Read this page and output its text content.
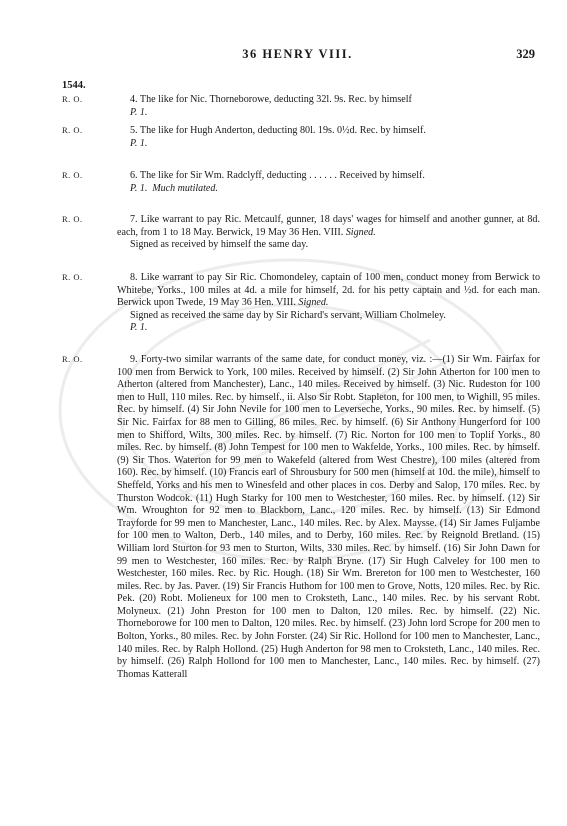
36 HENRY VIII.	329
1544.
R. O.	4. The like for Nic. Thorneborowe, deducting 32l. 9s. Rec. by himself

P. 1.
R. O.	5. The like for Hugh Anderton, deducting 80l. 19s. 0½d. Rec. by himself.

P. 1.
R. O.	6. The like for Sir Wm. Radclyff, deducting . . . . . . Received by himself.

P. 1. Much mutilated.
R. O.	7. Like warrant to pay Ric. Metcaulf, gunner, 18 days' wages for himself and another gunner, at 8d. each, from 1 to 18 May. Berwick, 19 May 36 Hen. VIII. Signed.

Signed as received by himself the same day.

R. O.	8. Like warrant to pay Sir Ric. Chomondeley, captain of 100 men, conduct money from Berwick to Whitebe, Yorks., 100 miles at 4d. a mile for himself, 2d. for his petty captain and ½d. for each man. Berwick upon Twede, 19 May 36 Hen. VIII. Signed.

Signed as received the same day by Sir Richard's servant, William Cholmeley.

P. 1.
R. O.	9. Forty-two similar warrants of the same date, for conduct money, viz. :—(1) Sir Wm. Fairfax for 100 men from Berwick to York, 100 miles. Received by himself. (2) Sir John Atherton for 100 men to Atherton (altered from Manchester), Lanc., 140 miles. Received by himself. (3) Nic. Rudeston for 100 men to Hull, 110 miles. Rec. by himself., ii. Also Sir Robt. Stapleton, for 100 men, to Wighill, 95 miles. Rec. by himself. (4) Sir John Nevile for 100 men to Leverseche, Yorks., 90 miles. Rec. by himself. (5) Sir Nic. Fairfax for 88 men to Gilling, 86 miles. Rec. by himself. (6) Sir Anthony Hungerford for 100 men to Shifford, Wilts, 300 miles. Rec. by himself. (7) Ric. Norton for 100 men to Toplif Yorks., 80 miles. Rec. by himself. (8) John Tempest for 100 men to Wakfelde, Yorks., 100 miles. Rec. by himself. (9) Sir Thos. Waterton for 99 men to Wakefeld (altered from West Chestre), 100 miles (altered from 160). Rec. by himself. (10) Francis earl of Shrousbury for 500 men (himself at 10d. the mile), himself to Sheffeld, Yorks and his men to Winesfeld and other places in cos. Derby and Salop, 170 miles. Rec. by Thurston Wodcok. (11) Hugh Starky for 100 men to Westchester, 160 miles. Rec. by himself. (12) Sir Wm. Wroughton for 92 men to Blackborn, Lanc., 120 miles. Rec. by himself. (13) Sir Edmond Trayforde for 99 men to Manchester, Lanc., 140 miles. Rec. by Alex. Maysse. (14) Sir James Fuljambe for 100 men to Walton, Derb., 140 miles, and to Derby, 160 miles. Rec. by Reignold Bretland. (15) William lord Sturton for 93 men to Sturton, Wilts, 330 miles. Rec. by himself. (16) Sir John Dawn for 99 men to Westchester, 160 miles. Rec. by Ralph Bryne. (17) Sir Hugh Calveley for 100 men to Westchester, 160 miles. Rec. by Ric. Hough. (18) Sir Wm. Brereton for 100 men to Westchester, 160 miles. Rec. by Jas. Paver. (19) Sir Francis Huthom for 100 men to Grove, Notts, 120 miles. Rec. by Ric. Pek. (20) Robt. Molieneux for 100 men to Croksteth, Lanc., 140 miles. Rec. by his servant Robt. Molyneux. (21) John Preston for 100 men to Dalton, 120 miles. Rec. by himself. (22) Nic. Thorneborowe for 100 men to Dalton, 120 miles. Rec. by himself. (23) John lord Scrope for 200 men to Bolton, Yorks., 80 miles. Rec. by John Forster. (24) Sir Ric. Hollond for 100 men to Manchester, Lanc., 140 miles. Rec. by Ralph Hollond. (25) Hugh Anderton for 98 men to Croksteth, Lanc., 140 miles. Rec. by himself. (26) Ralph Hollond for 100 men to Manchester, Lanc., 140 miles. Rec. by himself. (27) Thomas Katterall
